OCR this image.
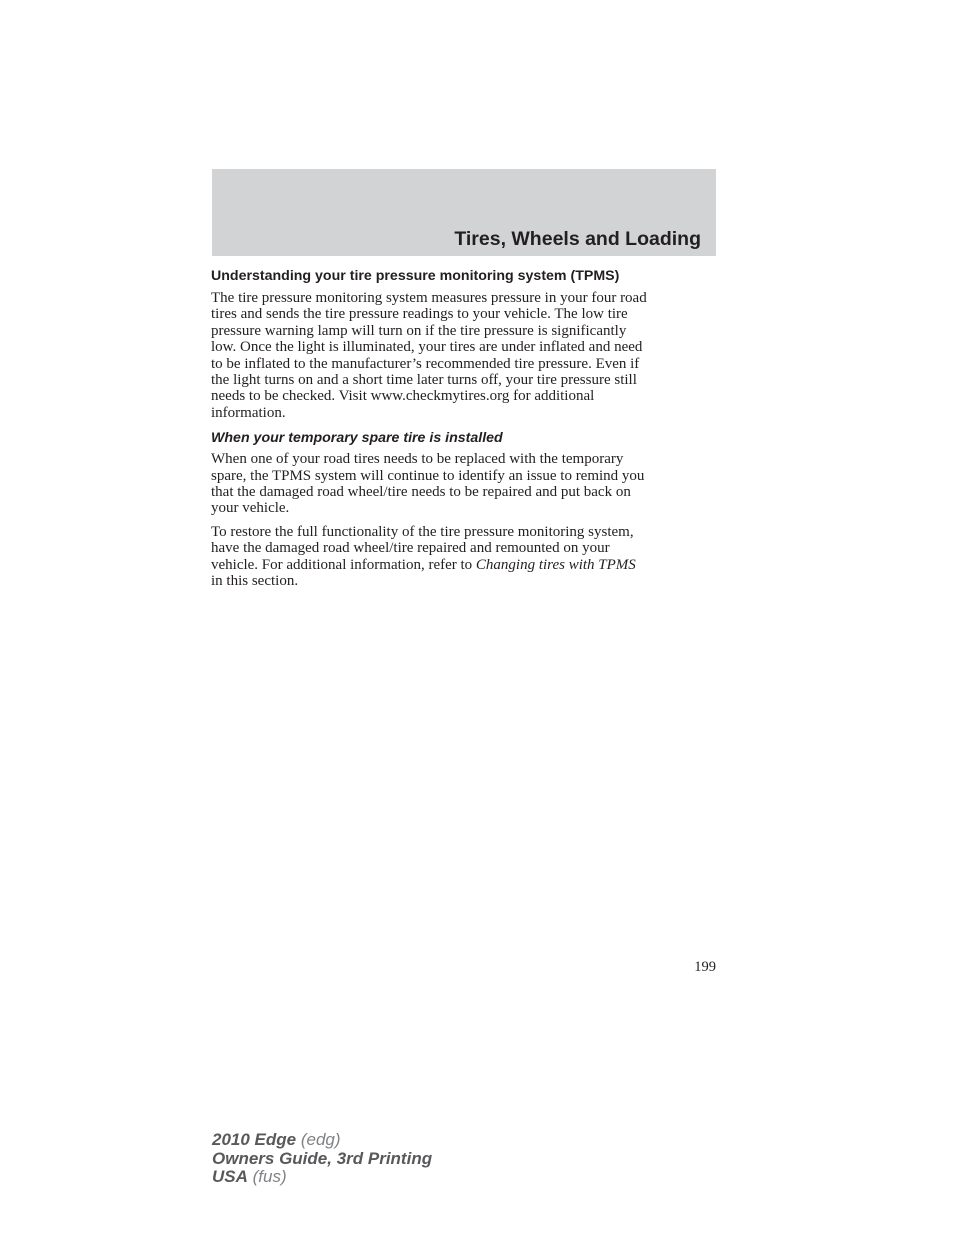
Tires, Wheels and Loading
Understanding your tire pressure monitoring system (TPMS)
The tire pressure monitoring system measures pressure in your four road
tires and sends the tire pressure readings to your vehicle. The low tire
pressure warning lamp will turn on if the tire pressure is significantly
low. Once the light is illuminated, your tires are under inflated and need
to be inflated to the manufacturer’s recommended tire pressure. Even if
the light turns on and a short time later turns off, your tire pressure still
needs to be checked. Visit www.checkmytires.org for additional
information.
When your temporary spare tire is installed
When one of your road tires needs to be replaced with the temporary
spare, the TPMS system will continue to identify an issue to remind you
that the damaged road wheel/tire needs to be repaired and put back on
your vehicle.
To restore the full functionality of the tire pressure monitoring system,
have the damaged road wheel/tire repaired and remounted on your
vehicle. For additional information, refer to Changing tires with TPMS
in this section.
199
2010 Edge (edg)
Owners Guide, 3rd Printing
USA (fus)
